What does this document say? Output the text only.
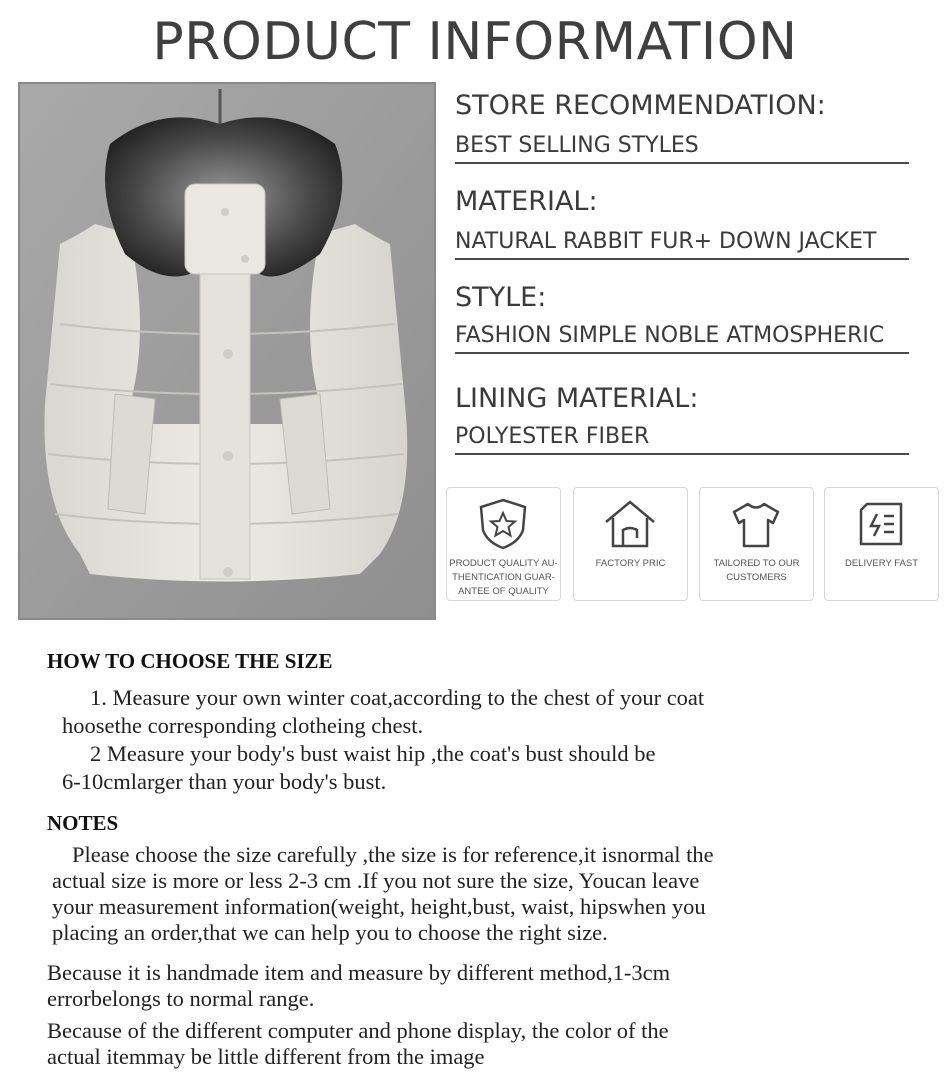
PRODUCT INFORMATION
STORE RECOMMENDATION:
BEST SELLING STYLES
MATERIAL:
NATURAL RABBIT FUR+ DOWN JACKET
STYLE:
FASHION SIMPLE NOBLE ATMOSPHERIC
LINING MATERIAL:
POLYESTER FIBER
PRODUCT QUALITY AU-
THENTICATION GUAR-
ANTEE OF QUALITY
FACTORY PRIC	TAILORED TO OUR
CUSTOMERS
DELIVERY FAST
HOW TO CHOOSE THE SIZE
1. Measure your own winter coat,according to the chest of your coat
hoosethe corresponding clotheing chest.
2 Measure your body's bust waist hip ,the coat's bust should be
6-10cmlarger than your body's bust.
NOTES
Please choose the size carefully ,the size is for reference,it isnormal the
actual size is more or less 2-3 cm .If you not sure the size, Youcan leave
your measurement information(weight, height,bust, waist, hipswhen you
placing an order,that we can help you to choose the right size.
Because it is handmade item and measure by different method,1-3cm
errorbelongs to normal range.
Because of the different computer and phone display, the color of the
actual itemmay be little different from the image
